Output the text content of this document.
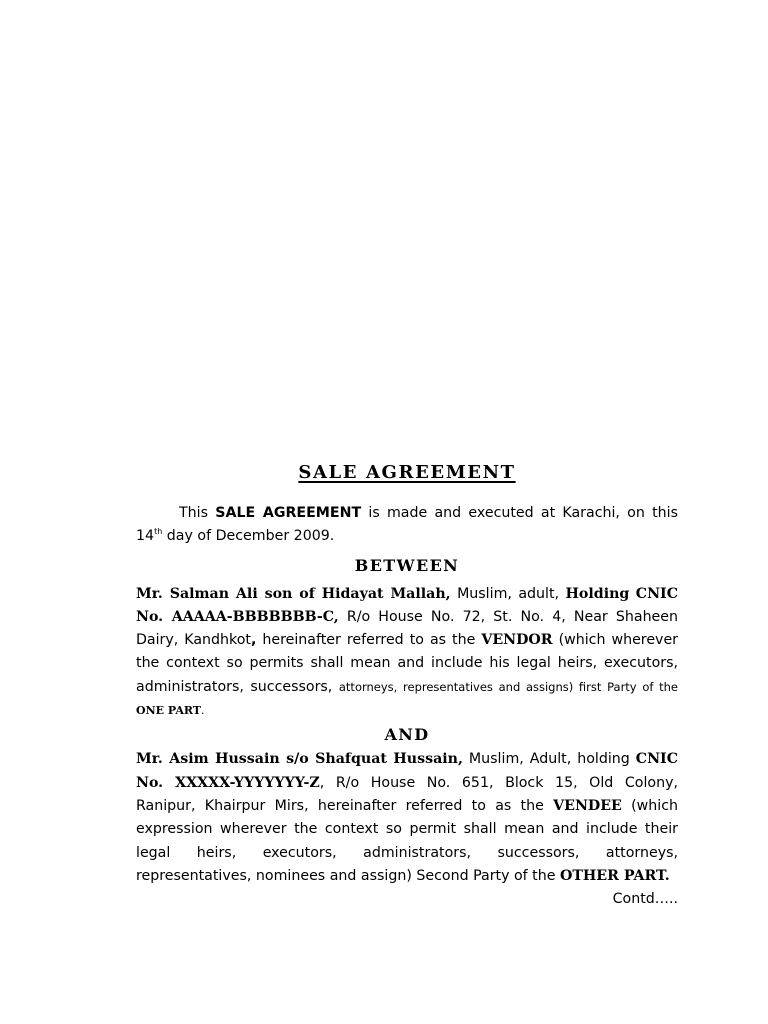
SALE AGREEMENT

This SALE AGREEMENT is made and executed at Karachi, on this 14th day of December 2009.

BETWEEN

Mr. Salman Ali son of Hidayat Mallah, Muslim, adult, Holding CNIC No. AAAAA-BBBBBBB-C, R/o House No. 72, St. No. 4, Near Shaheen Dairy, Kandhkot, hereinafter referred to as the VENDOR (which wherever the context so permits shall mean and include his legal heirs, executors, administrators, successors, attorneys, representatives and assigns) first Party of the ONE PART.

AND

Mr. Asim Hussain s/o Shafquat Hussain, Muslim, Adult, holding CNIC No. XXXXX-YYYYYYY-Z, R/o House No. 651, Block 15, Old Colony, Ranipur, Khairpur Mirs, hereinafter referred to as the VENDEE (which expression wherever the context so permit shall mean and include their legal heirs, executors, administrators, successors, attorneys, representatives, nominees and assign) Second Party of the OTHER PART.

Contd…..
